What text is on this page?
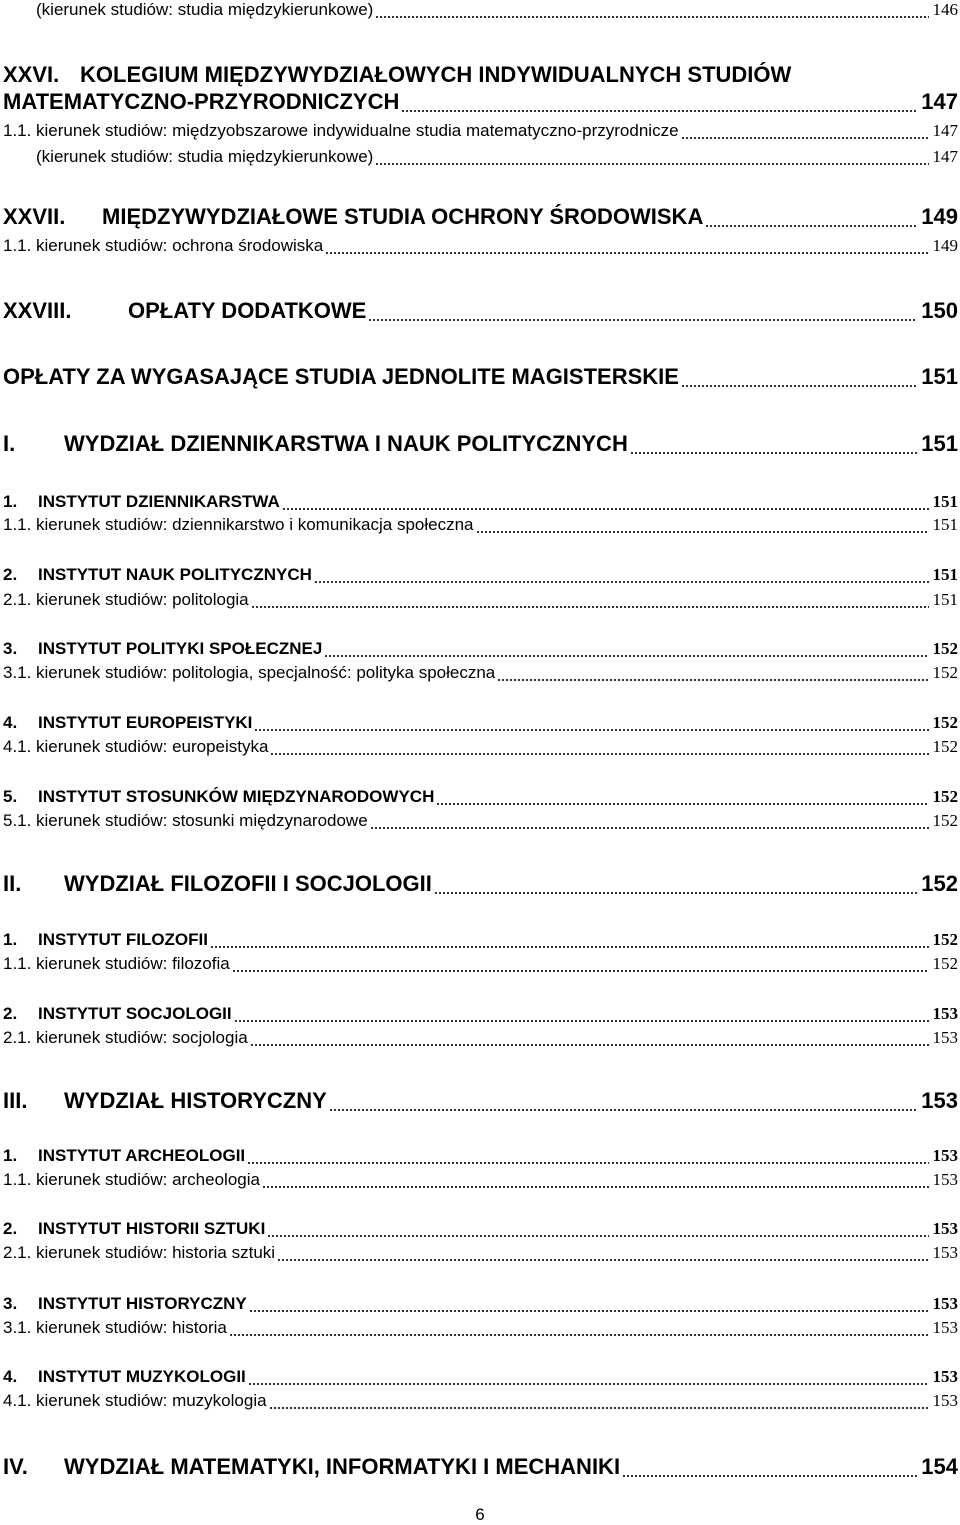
(kierunek studiów: studia międzykierunkowe)	146
XXVI. KOLEGIUM MIĘDZYWYDZIAŁOWYCH INDYWIDUALNYCH STUDIÓW
MATEMATYCZNO-PRZYRODNICZYCH	147
1.1. kierunek studiów: międzyobszarowe indywidualne studia matematyczno-przyrodnicze	147
(kierunek studiów: studia międzykierunkowe)	147
XXVII. MIĘDZYWYDZIAŁOWE STUDIA OCHRONY ŚRODOWISKA	149
1.1. kierunek studiów: ochrona środowiska	149
XXVIII.	OPŁATY DODATKOWE	150
OPŁATY ZA WYGASAJĄCE STUDIA JEDNOLITE MAGISTERSKIE	151
I. WYDZIAŁ DZIENNIKARSTWA I NAUK POLITYCZNYCH	151
1. INSTYTUT DZIENNIKARSTWA	151
1.1. kierunek studiów: dziennikarstwo i komunikacja społeczna	151
2. INSTYTUT NAUK POLITYCZNYCH	151
2.1. kierunek studiów: politologia	151
3. INSTYTUT POLITYKI SPOŁECZNEJ	152
3.1. kierunek studiów: politologia, specjalność: polityka społeczna	152
4. INSTYTUT EUROPEISTYKI	152
4.1. kierunek studiów: europeistyka	152
5. INSTYTUT STOSUNKÓW MIĘDZYNARODOWYCH	152
5.1. kierunek studiów: stosunki międzynarodowe	152
II. WYDZIAŁ FILOZOFII I SOCJOLOGII	152
1. INSTYTUT FILOZOFII	152
1.1. kierunek studiów: filozofia	152
2. INSTYTUT SOCJOLOGII	153
2.1. kierunek studiów: socjologia	153
III. WYDZIAŁ HISTORYCZNY	153
1. INSTYTUT ARCHEOLOGII	153
1.1. kierunek studiów: archeologia	153
2. INSTYTUT HISTORII SZTUKI	153
2.1. kierunek studiów: historia sztuki	153
3. INSTYTUT HISTORYCZNY	153
3.1. kierunek studiów: historia	153
4. INSTYTUT MUZYKOLOGII	153
4.1. kierunek studiów: muzykologia	153
IV. WYDZIAŁ MATEMATYKI, INFORMATYKI I MECHANIKI	154
6
